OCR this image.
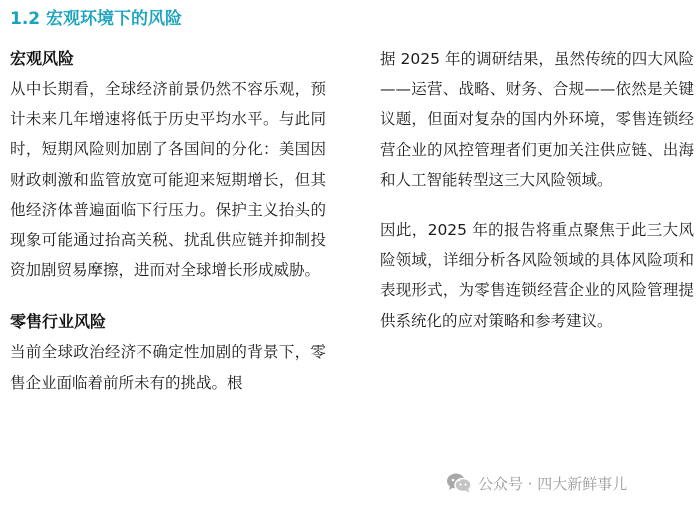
1.2 宏观环境下的风险

宏观风险

从中长期看，全球经济前景仍然不容乐观，预计未来几年增速将低于历史平均水平。与此同时，短期风险则加剧了各国间的分化：美国因财政刺激和监管放宽可能迎来短期增长，但其他经济体普遍面临下行压力。保护主义抬头的现象可能通过抬高关税、扰乱供应链并抑制投资加剧贸易摩擦，进而对全球增长形成威胁。

零售行业风险

当前全球政治经济不确定性加剧的背景下，零售企业面临着前所未有的挑战。根

据 2025 年的调研结果，虽然传统的四大风险——运营、战略、财务、合规——依然是关键议题，但面对复杂的国内外环境，零售连锁经营企业的风控管理者们更加关注供应链、出海和人工智能转型这三大风险领域。

因此，2025 年的报告将重点聚焦于此三大风险领域，详细分析各风险领域的具体风险项和表现形式，为零售连锁经营企业的风险管理提供系统化的应对策略和参考建议。

公众号 · 四大新鲜事儿
